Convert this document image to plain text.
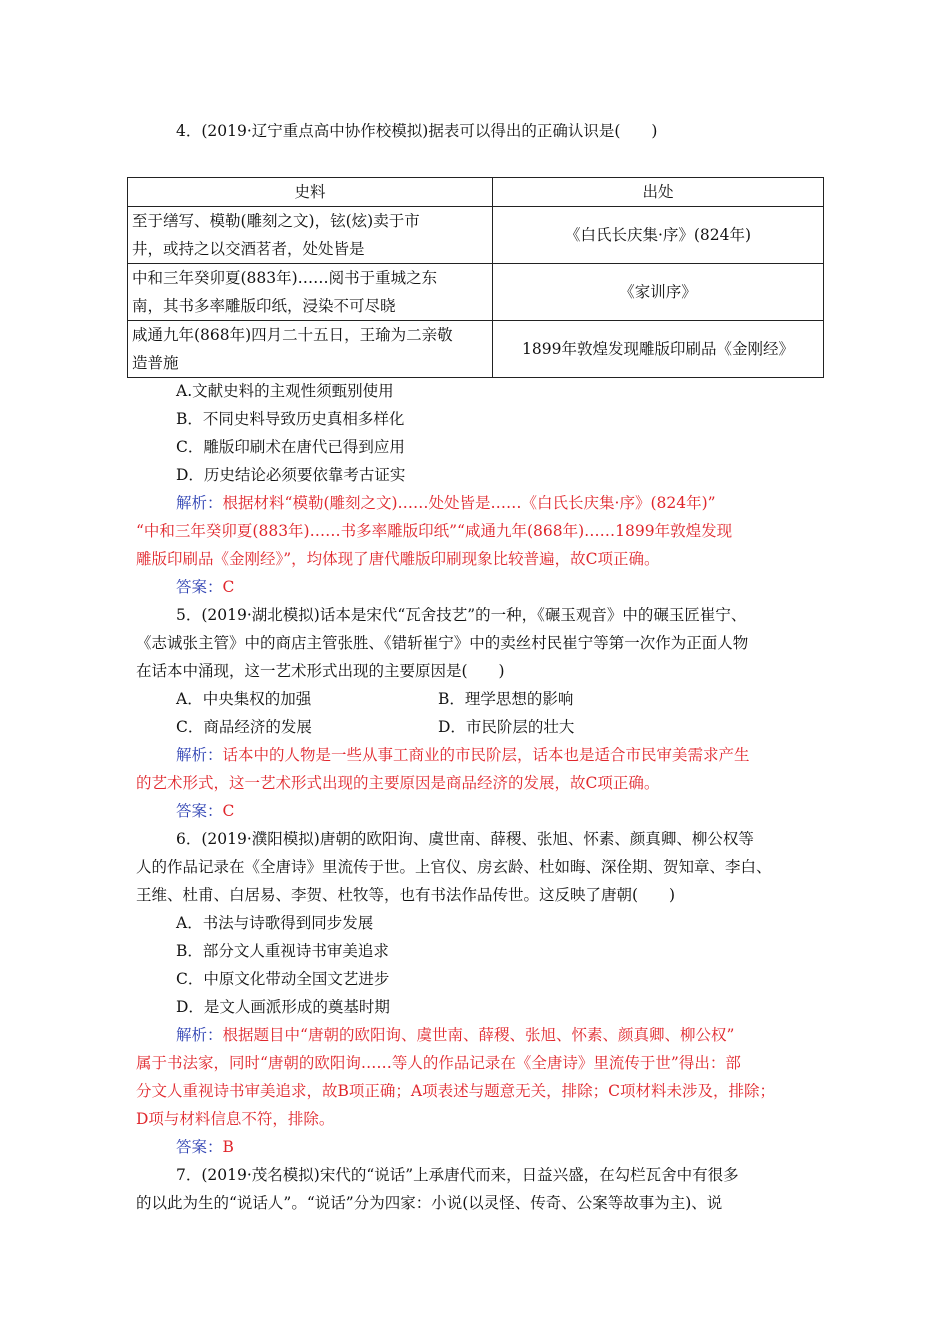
4．(2019·辽宁重点高中协作校模拟)据表可以得出的正确认识是(　　)
史料	出处

至于缮写、模勒(雕刻之文)，铉(炫)卖于市
井，或持之以交酒茗者，处处皆是	《白氏长庆集·序》(824年)

中和三年癸卯夏(883年)……阅书于重城之东
南，其书多率雕版印纸，浸染不可尽晓	《家训序》

咸通九年(868年)四月二十五日，王瑜为二亲敬
造普施	1899年敦煌发现雕版印刷品《金刚经》
A.文献史料的主观性须甄别使用
B．不同史料导致历史真相多样化
C．雕版印刷术在唐代已得到应用
D．历史结论必须要依靠考古证实
解析：根据材料“模勒(雕刻之文)……处处皆是……《白氏长庆集·序》(824年)”
“中和三年癸卯夏(883年)……书多率雕版印纸”“咸通九年(868年)……1899年敦煌发现
雕版印刷品《金刚经》”，均体现了唐代雕版印刷现象比较普遍，故C项正确。
答案：C
5．(2019·湖北模拟)话本是宋代“瓦舍技艺”的一种，《碾玉观音》中的碾玉匠崔宁、
《志诚张主管》中的商店主管张胜、《错斩崔宁》中的卖丝村民崔宁等第一次作为正面人物
在话本中涌现，这一艺术形式出现的主要原因是(　　)
A．中央集权的加强	B．理学思想的影响
C．商品经济的发展	D．市民阶层的壮大
解析：话本中的人物是一些从事工商业的市民阶层，话本也是适合市民审美需求产生
的艺术形式，这一艺术形式出现的主要原因是商品经济的发展，故C项正确。
答案：C
6．(2019·濮阳模拟)唐朝的欧阳询、虞世南、薛稷、张旭、怀素、颜真卿、柳公权等
人的作品记录在《全唐诗》里流传于世。上官仪、房玄龄、杜如晦、深佺期、贺知章、李白、
王维、杜甫、白居易、李贺、杜牧等，也有书法作品传世。这反映了唐朝(　　)
A．书法与诗歌得到同步发展
B．部分文人重视诗书审美追求
C．中原文化带动全国文艺进步
D．是文人画派形成的奠基时期
解析：根据题目中“唐朝的欧阳询、虞世南、薛稷、张旭、怀素、颜真卿、柳公权”
属于书法家，同时“唐朝的欧阳询……等人的作品记录在《全唐诗》里流传于世”得出：部
分文人重视诗书审美追求，故B项正确；A项表述与题意无关，排除；C项材料未涉及，排除；
D项与材料信息不符，排除。
答案：B
7．(2019·茂名模拟)宋代的“说话”上承唐代而来，日益兴盛，在勾栏瓦舍中有很多
的以此为生的“说话人”。“说话”分为四家：小说(以灵怪、传奇、公案等故事为主)、说
